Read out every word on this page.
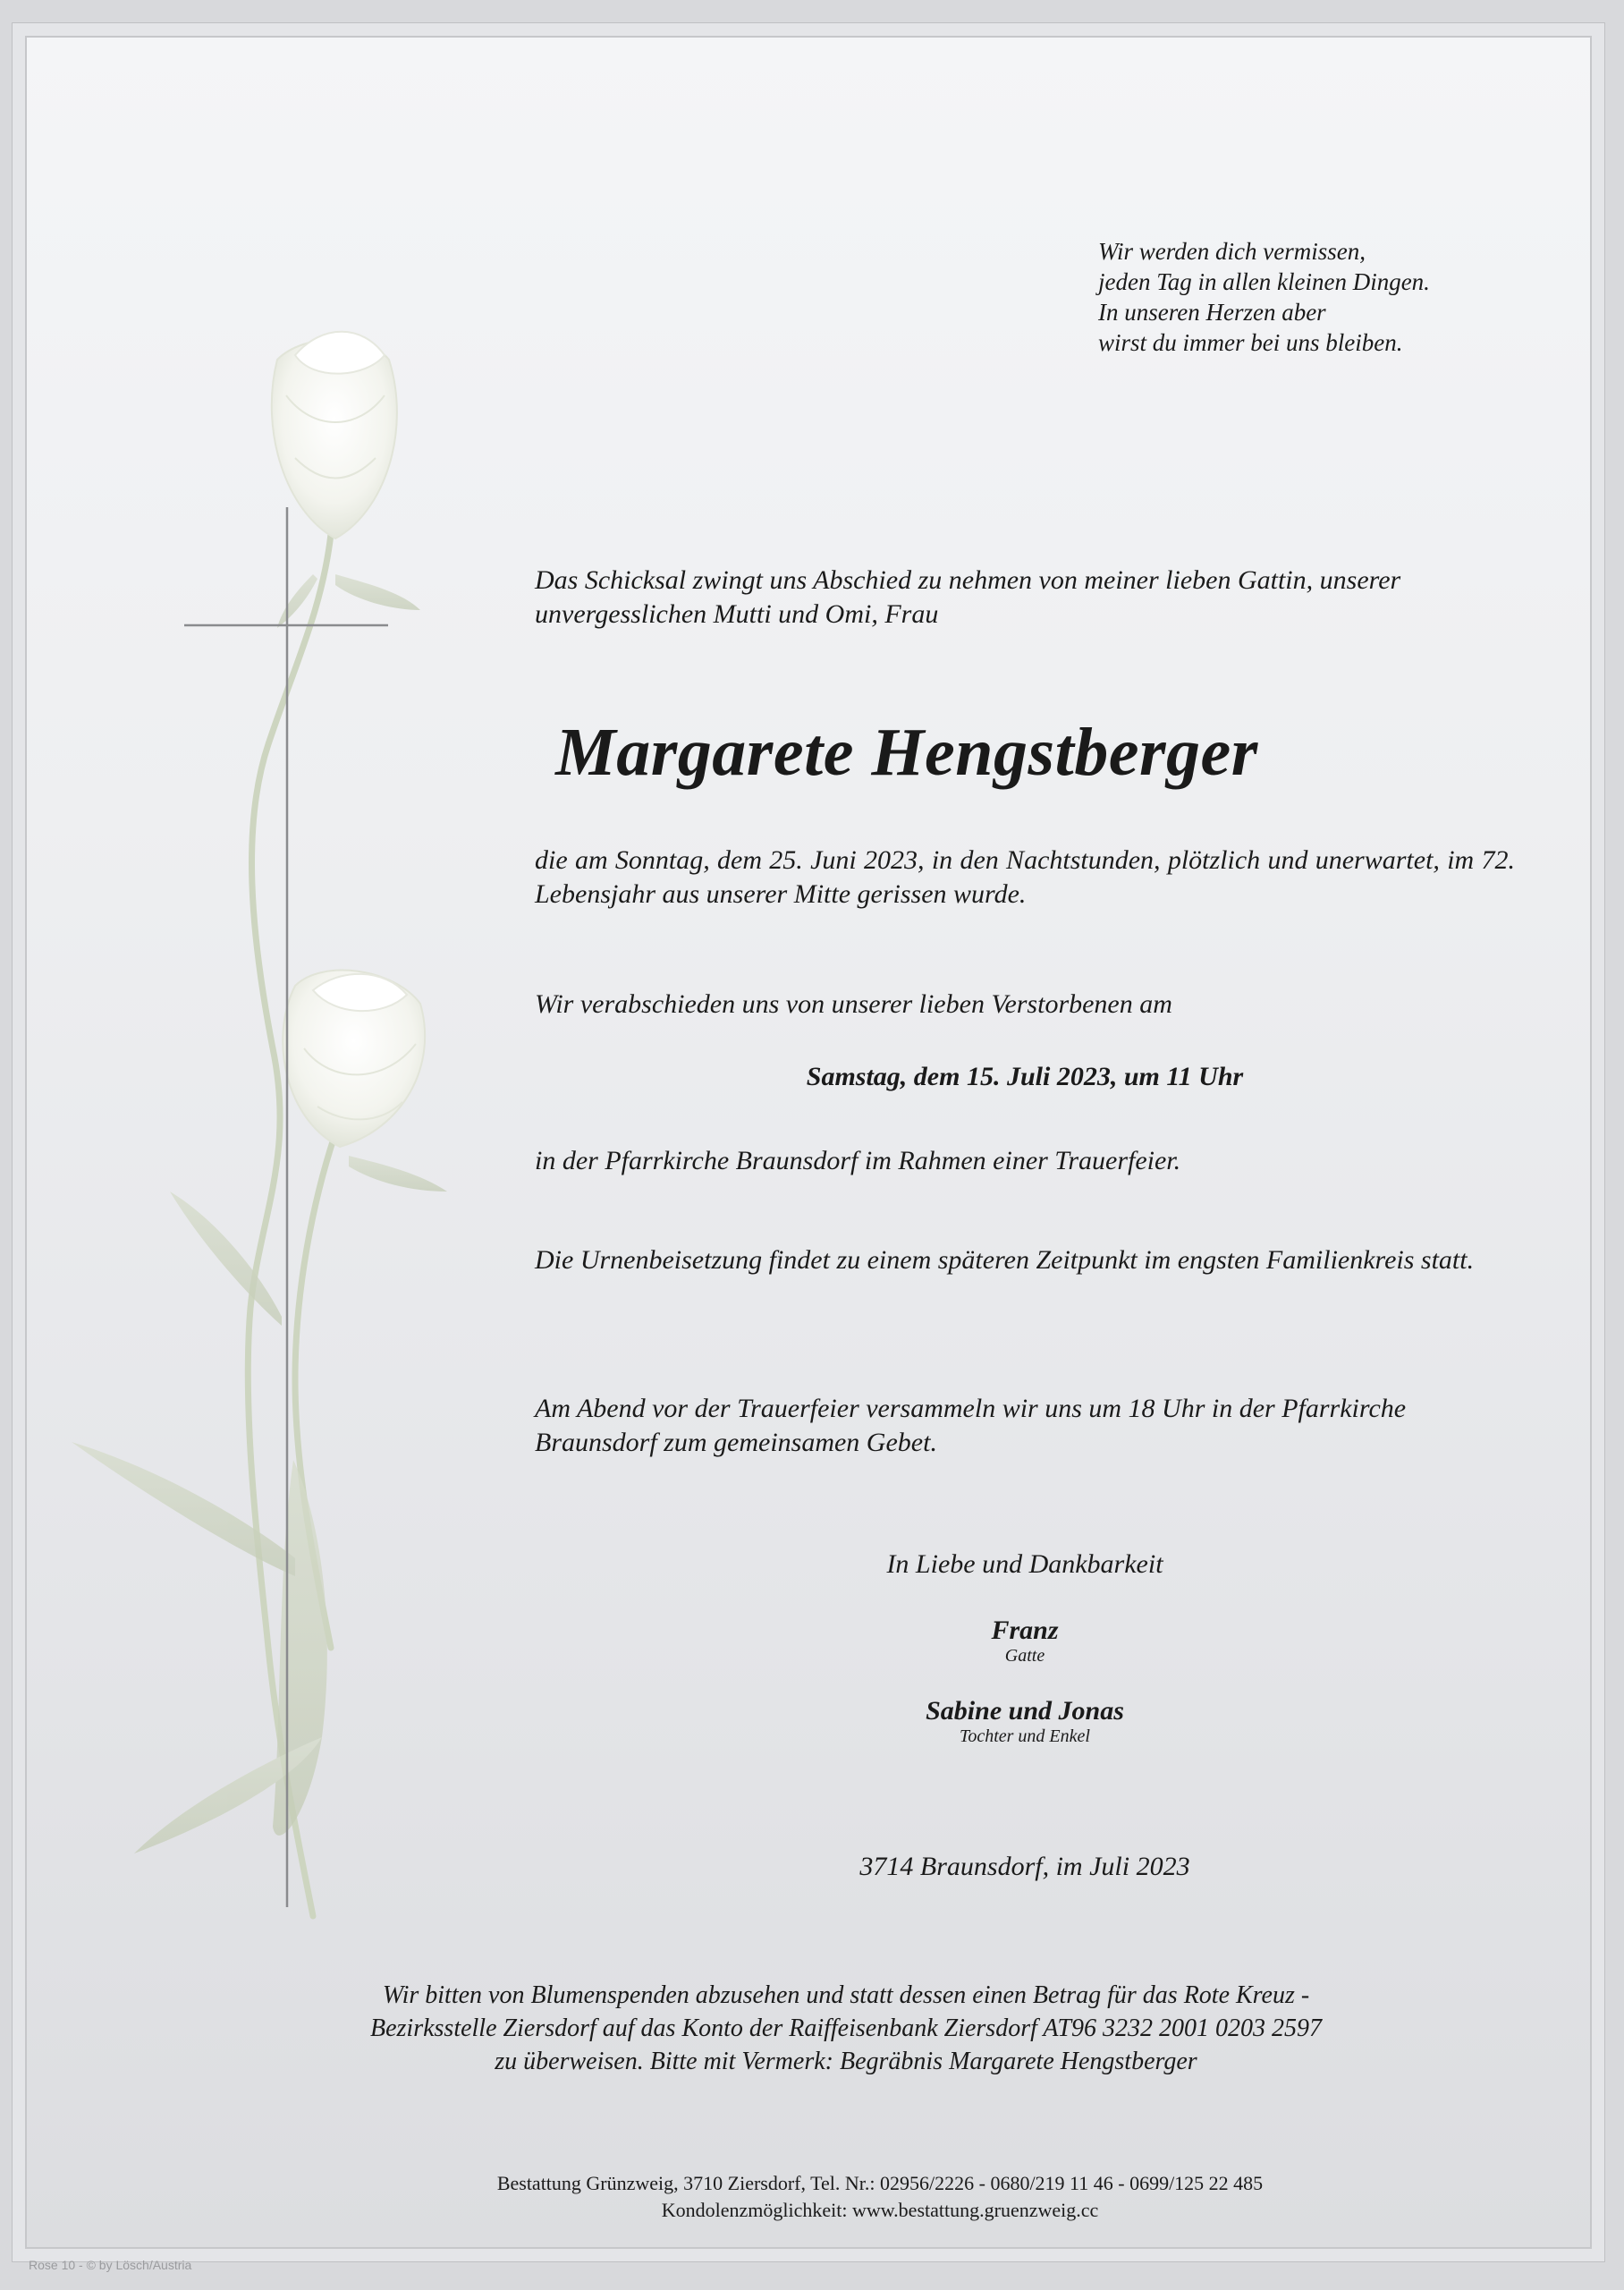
Wir werden dich vermissen,
jeden Tag in allen kleinen Dingen.
In unseren Herzen aber
wirst du immer bei uns bleiben.
Das Schicksal zwingt uns Abschied zu nehmen von meiner lieben Gattin, unserer
unvergesslichen Mutti und Omi, Frau
Margarete Hengstberger

die am Sonntag, dem 25. Juni 2023, in den Nachtstunden, plötzlich und unerwartet, im 72. Lebensjahr aus unserer Mitte gerissen wurde.

Wir verabschieden uns von unserer lieben Verstorbenen am

Samstag, dem 15. Juli 2023, um 11 Uhr

in der Pfarrkirche Braunsdorf im Rahmen einer Trauerfeier.

Die Urnenbeisetzung findet zu einem späteren Zeitpunkt im engsten Familienkreis statt.

Am Abend vor der Trauerfeier versammeln wir uns um 18 Uhr in der Pfarrkirche Braunsdorf zum gemeinsamen Gebet.

In Liebe und Dankbarkeit

Franz
Gatte
Sabine und Jonas
Tochter und Enkel

3714 Braunsdorf, im Juli 2023

Wir bitten von Blumenspenden abzusehen und statt dessen einen Betrag für das Rote Kreuz -
Bezirksstelle Ziersdorf auf das Konto der Raiffeisenbank Ziersdorf AT96 3232 2001 0203 2597
zu überweisen. Bitte mit Vermerk: Begräbnis Margarete Hengstberger
Bestattung Grünzweig, 3710 Ziersdorf, Tel. Nr.: 02956/2226 - 0680/219 11 46 - 0699/125 22 485
Kondolenzmöglichkeit: www.bestattung.gruenzweig.cc
Rose 10 - © by Lösch/Austria
